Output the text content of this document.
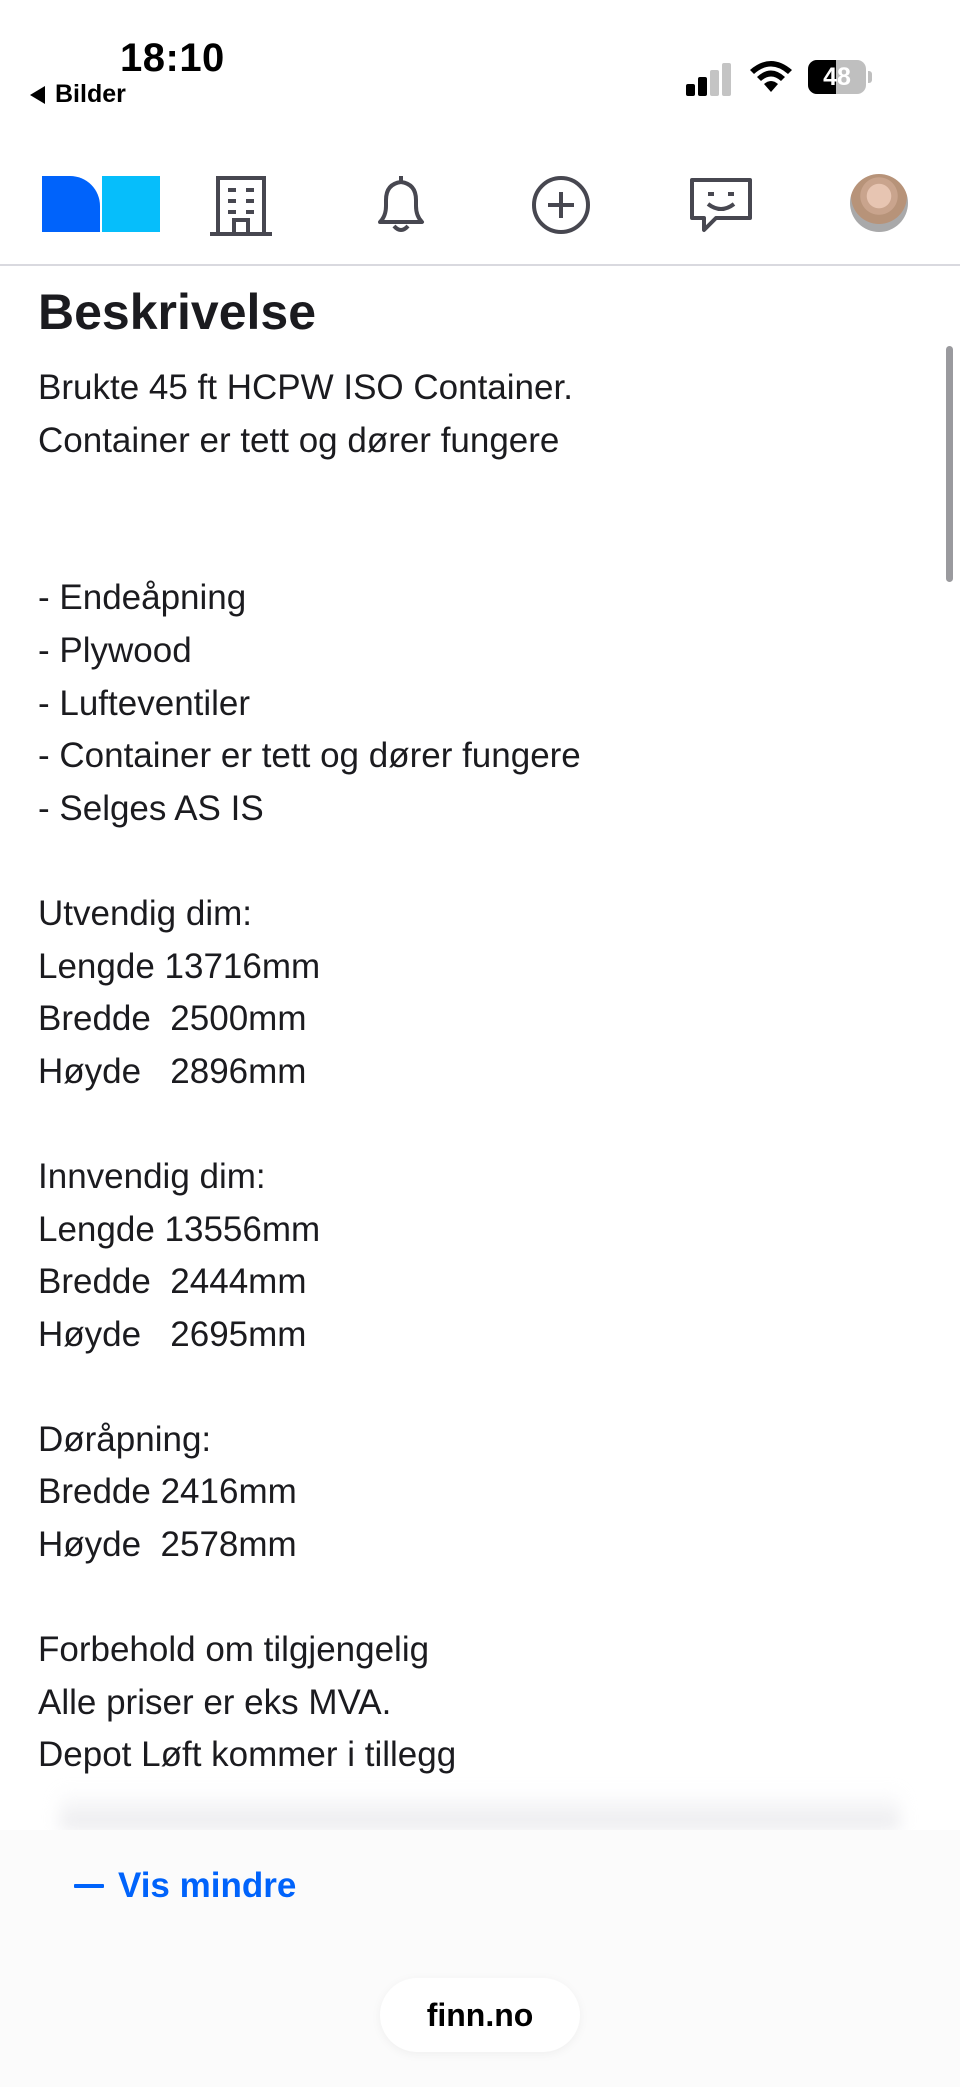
18:10
Bilder
48
Beskrivelse
Brukte 45 ft HCPW ISO Container.
Container er tett og dører fungere
- Endeåpning
- Plywood
- Lufteventiler
- Container er tett og dører fungere
- Selges AS IS
Utvendig dim:
Lengde 13716mm
Bredde  2500mm
Høyde   2896mm
Innvendig dim:
Lengde 13556mm
Bredde  2444mm
Høyde   2695mm
Døråpning:
Bredde 2416mm
Høyde  2578mm
Forbehold om tilgjengelig
Alle priser er eks MVA.
Depot Løft kommer i tillegg
Vis mindre
finn.no
